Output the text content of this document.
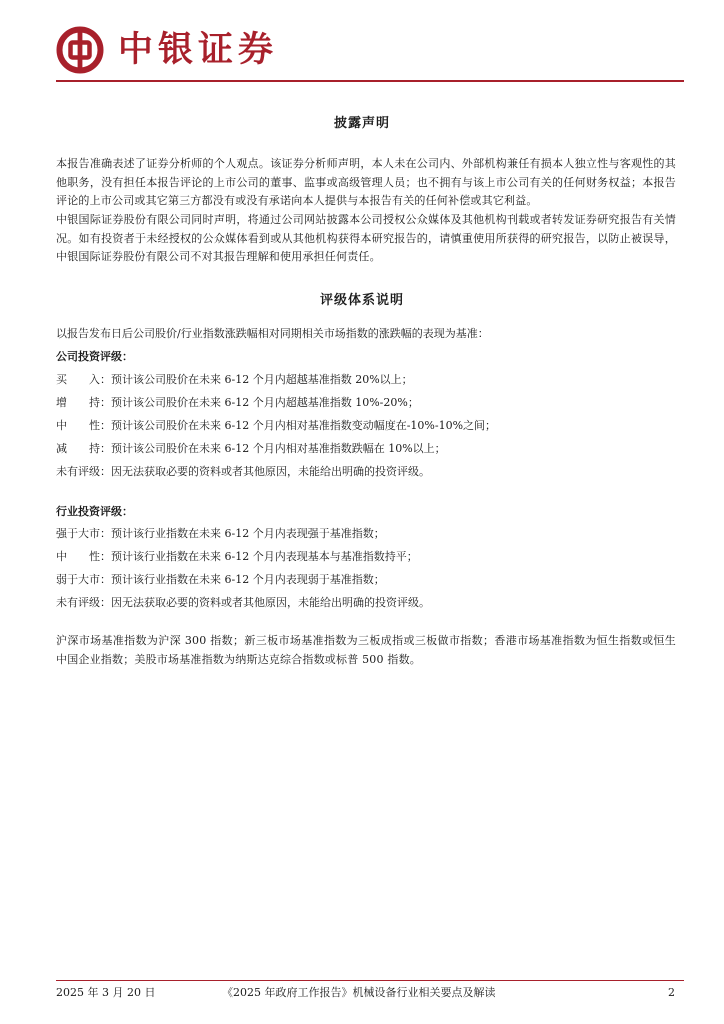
中银证券
披露声明
本报告准确表述了证券分析师的个人观点。该证券分析师声明，本人未在公司内、外部机构兼任有损本人独立性与客观性的其他职务，没有担任本报告评论的上市公司的董事、监事或高级管理人员；也不拥有与该上市公司有关的任何财务权益；本报告评论的上市公司或其它第三方都没有或没有承诺向本人提供与本报告有关的任何补偿或其它利益。
中银国际证券股份有限公司同时声明，将通过公司网站披露本公司授权公众媒体及其他机构刊载或者转发证券研究报告有关情况。如有投资者于未经授权的公众媒体看到或从其他机构获得本研究报告的，请慎重使用所获得的研究报告，以防止被误导，中银国际证券股份有限公司不对其报告理解和使用承担任何责任。
评级体系说明
以报告发布日后公司股价/行业指数涨跌幅相对同期相关市场指数的涨跌幅的表现为基准：
公司投资评级：
买　　入：预计该公司股价在未来 6-12 个月内超越基准指数 20%以上；
增　　持：预计该公司股价在未来 6-12 个月内超越基准指数 10%-20%；
中　　性：预计该公司股价在未来 6-12 个月内相对基准指数变动幅度在-10%-10%之间；
减　　持：预计该公司股价在未来 6-12 个月内相对基准指数跌幅在 10%以上；
未有评级：因无法获取必要的资料或者其他原因，未能给出明确的投资评级。
行业投资评级：
强于大市：预计该行业指数在未来 6-12 个月内表现强于基准指数；
中　　性：预计该行业指数在未来 6-12 个月内表现基本与基准指数持平；
弱于大市：预计该行业指数在未来 6-12 个月内表现弱于基准指数；
未有评级：因无法获取必要的资料或者其他原因，未能给出明确的投资评级。
沪深市场基准指数为沪深 300 指数；新三板市场基准指数为三板成指或三板做市指数；香港市场基准指数为恒生指数或恒生中国企业指数；美股市场基准指数为纳斯达克综合指数或标普 500 指数。
2025 年 3 月 20 日	《2025 年政府工作报告》机械设备行业相关要点及解读	2
